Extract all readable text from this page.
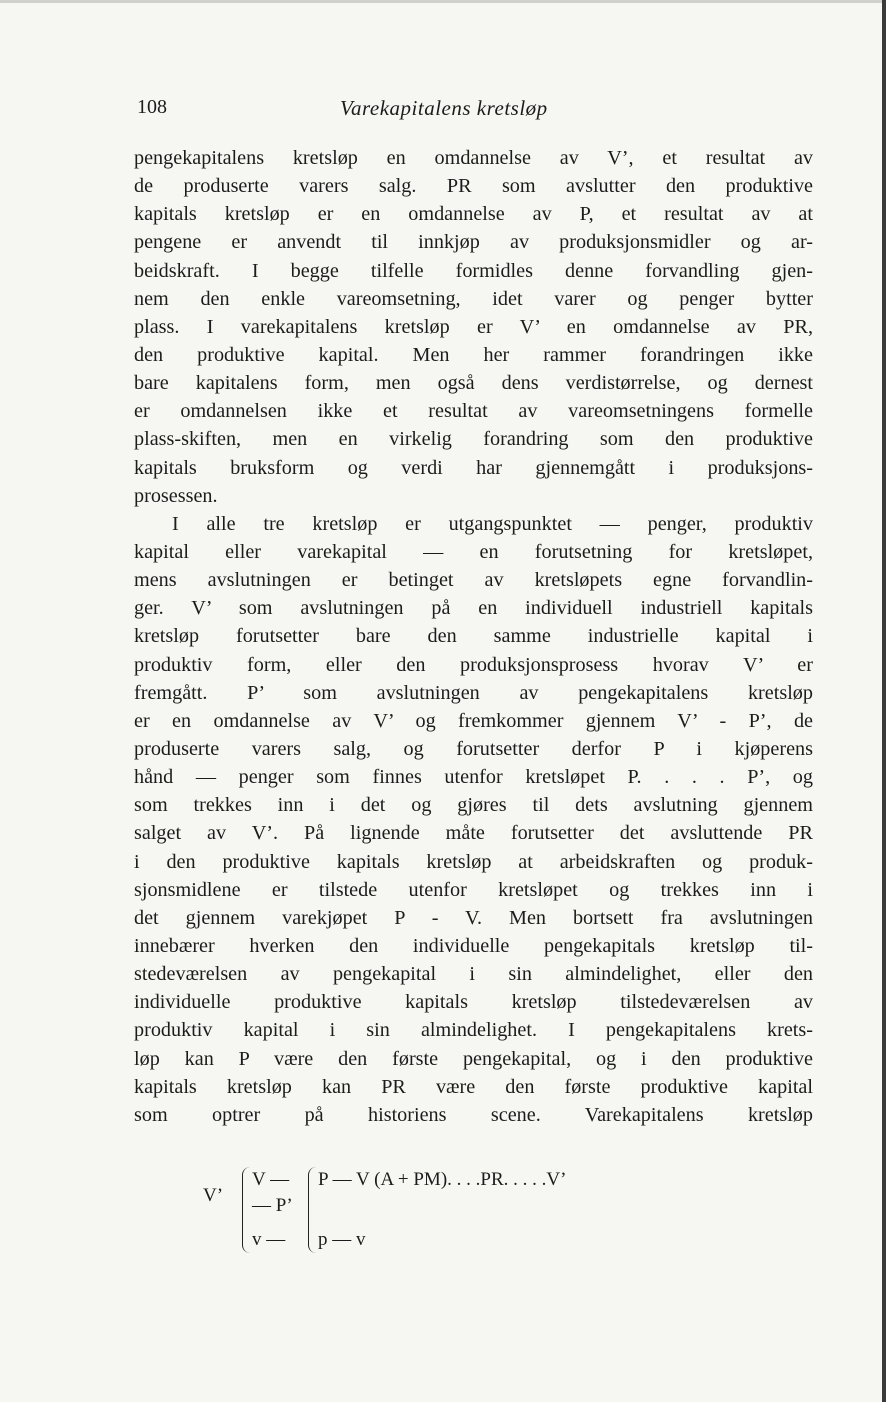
108	Varekapitalens kretsløp
pengekapitalens kretsløp en omdannelse av V’, et resultat av
de produserte varers salg. PR som avslutter den produktive
kapitals kretsløp er en omdannelse av P, et resultat av at
pengene er anvendt til innkjøp av produksjonsmidler og ar-
beidskraft. I begge tilfelle formidles denne forvandling gjen-
nem den enkle vareomsetning, idet varer og penger bytter
plass. I varekapitalens kretsløp er V’ en omdannelse av PR,
den produktive kapital. Men her rammer forandringen ikke
bare kapitalens form, men også dens verdistørrelse, og dernest
er omdannelsen ikke et resultat av vareomsetningens formelle
plass-skiften, men en virkelig forandring som den produktive
kapitals bruksform og verdi har gjennemgått i produksjons-
prosessen.
I alle tre kretsløp er utgangspunktet — penger, produktiv
kapital eller varekapital — en forutsetning for kretsløpet,
mens avslutningen er betinget av kretsløpets egne forvandlin-
ger. V’ som avslutningen på en individuell industriell kapitals
kretsløp forutsetter bare den samme industrielle kapital i
produktiv form, eller den produksjonsprosess hvorav V’ er
fremgått. P’ som avslutningen av pengekapitalens kretsløp
er en omdannelse av V’ og fremkommer gjennem V’ - P’, de
produserte varers salg, og forutsetter derfor P i kjøperens
hånd — penger som finnes utenfor kretsløpet P. . . . P’, og
som trekkes inn i det og gjøres til dets avslutning gjennem
salget av V’. På lignende måte forutsetter det avsluttende PR
i den produktive kapitals kretsløp at arbeidskraften og produk-
sjonsmidlene er tilstede utenfor kretsløpet og trekkes inn i
det gjennem varekjøpet P - V. Men bortsett fra avslutningen
innebærer hverken den individuelle pengekapitals kretsløp til-
stedeværelsen av pengekapital i sin almindelighet, eller den
individuelle produktive kapitals kretsløp tilstedeværelsen av
produktiv kapital i sin almindelighet. I pengekapitalens krets-
løp kan P være den første pengekapital, og i den produktive
kapitals kretsløp kan PR være den første produktive kapital
som optrer på historiens scene. Varekapitalens kretsløp
V’
V —
— P’
v —
P — V (A + PM). . . .PR. . . . .V’
p — v
